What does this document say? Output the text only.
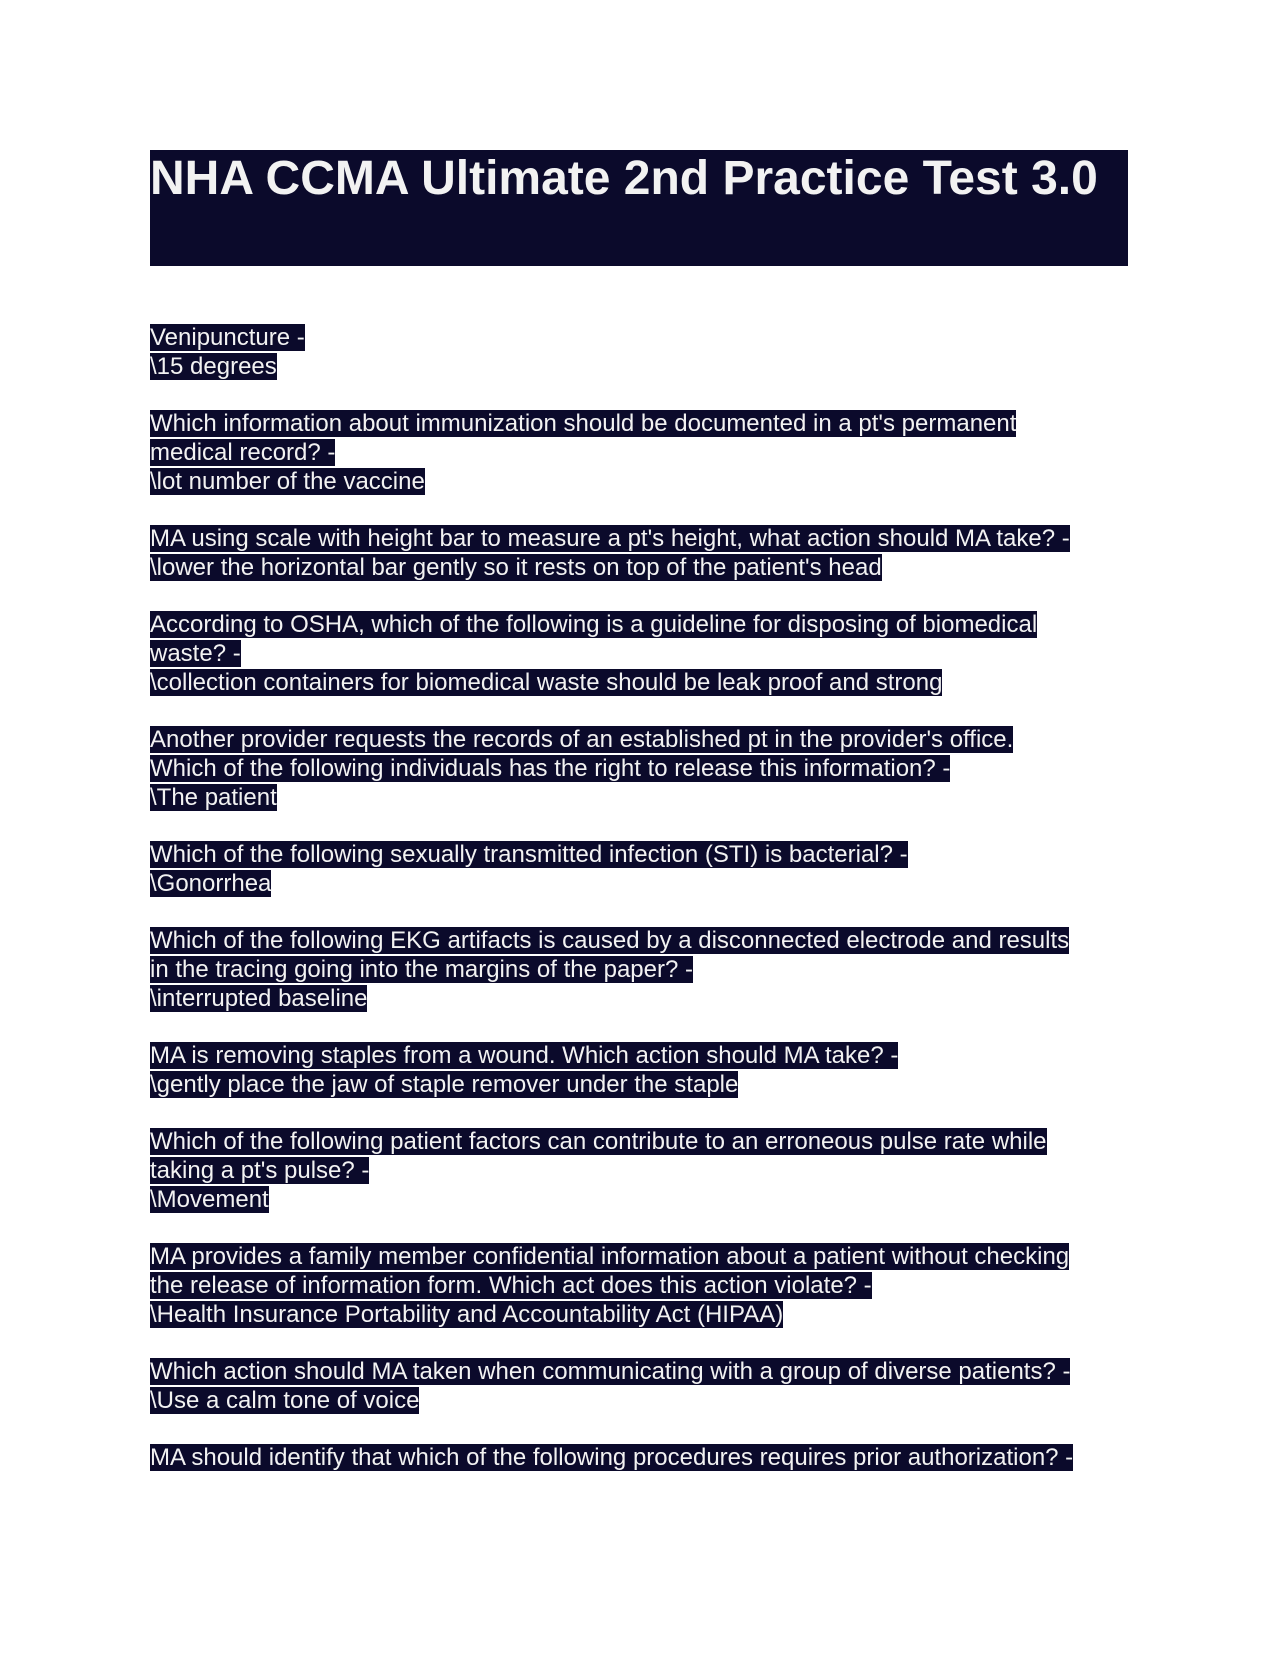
NHA CCMA Ultimate 2nd Practice Test 3.0
Venipuncture -
\15 degrees
Which information about immunization should be documented in a pt's permanent
medical record? -
\lot number of the vaccine
MA using scale with height bar to measure a pt's height, what action should MA take? -
\lower the horizontal bar gently so it rests on top of the patient's head
According to OSHA, which of the following is a guideline for disposing of biomedical
waste? -
\collection containers for biomedical waste should be leak proof and strong
Another provider requests the records of an established pt in the provider's office.
Which of the following individuals has the right to release this information? -
\The patient
Which of the following sexually transmitted infection (STI) is bacterial? -
\Gonorrhea
Which of the following EKG artifacts is caused by a disconnected electrode and results
in the tracing going into the margins of the paper? -
\interrupted baseline
MA is removing staples from a wound. Which action should MA take? -
\gently place the jaw of staple remover under the staple
Which of the following patient factors can contribute to an erroneous pulse rate while
taking a pt's pulse? -
\Movement
MA provides a family member confidential information about a patient without checking
the release of information form. Which act does this action violate? -
\Health Insurance Portability and Accountability Act (HIPAA)
Which action should MA taken when communicating with a group of diverse patients? -
\Use a calm tone of voice
MA should identify that which of the following procedures requires prior authorization? -
